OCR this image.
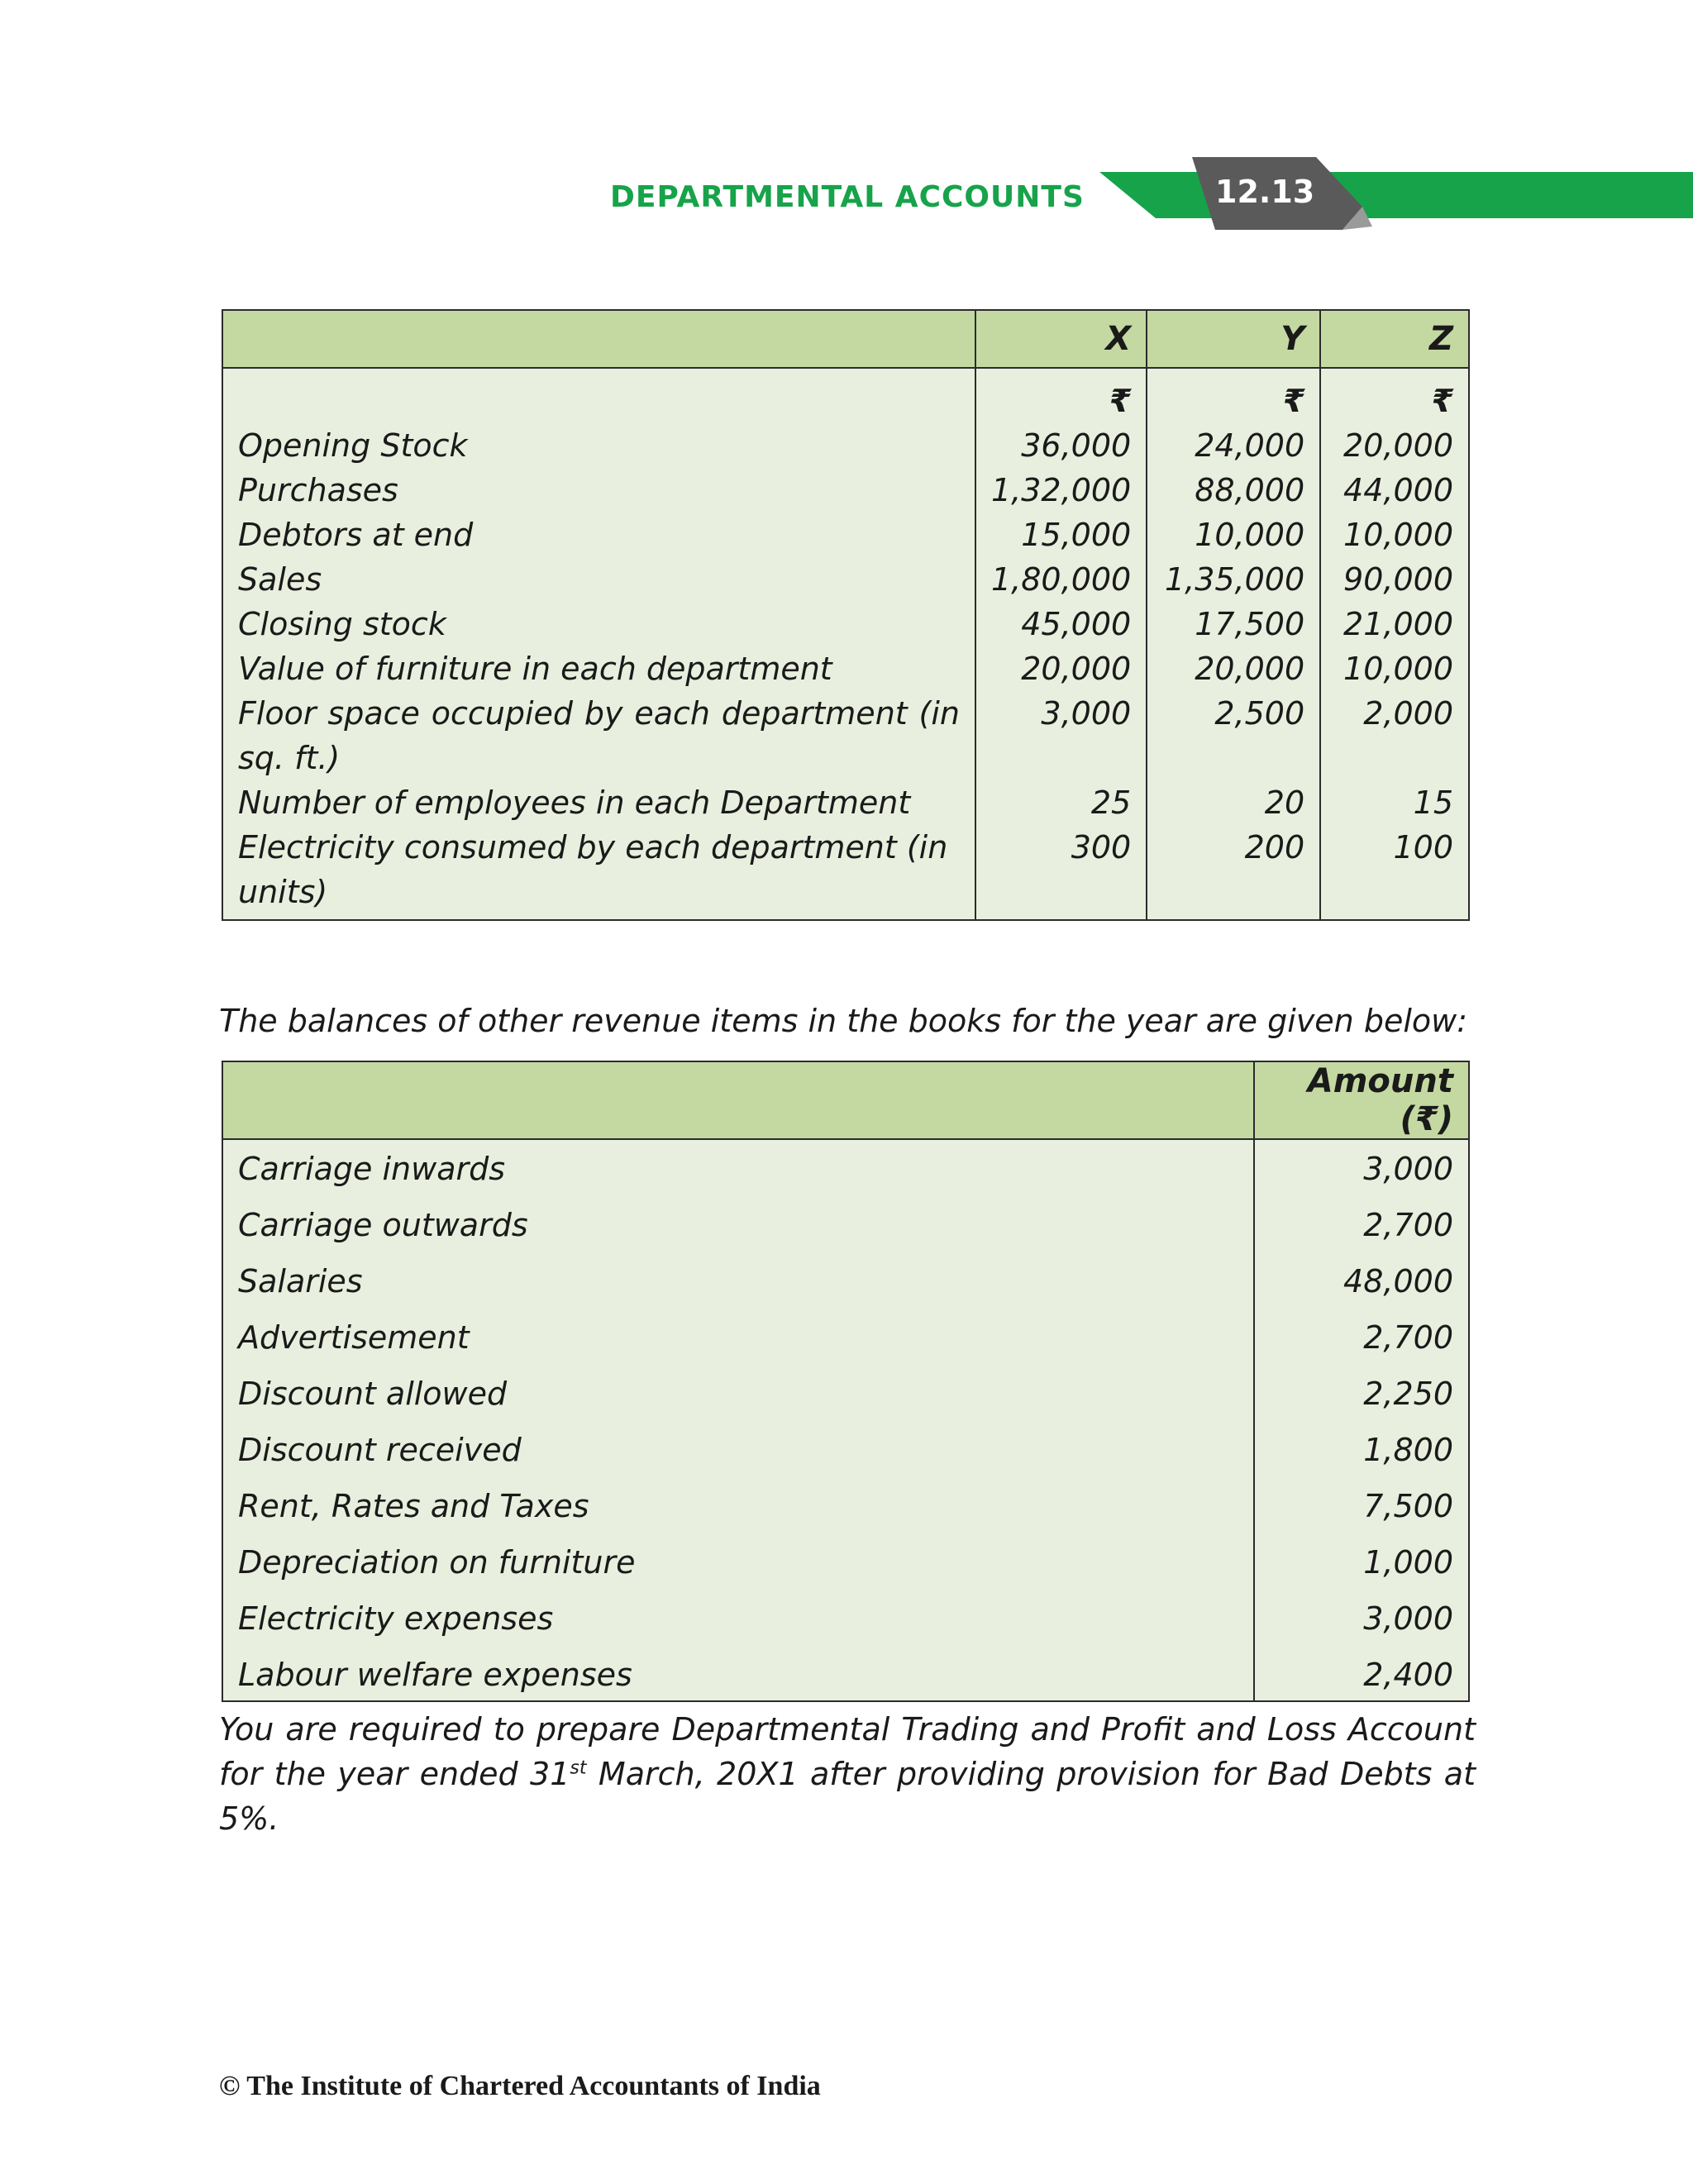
DEPARTMENTAL ACCOUNTS	12.13
	X	Y	Z
	₹	₹	₹
Opening Stock	36,000	24,000	20,000
Purchases	1,32,000	88,000	44,000
Debtors at end	15,000	10,000	10,000
Sales	1,80,000	1,35,000	90,000
Closing stock	45,000	17,500	21,000
Value of furniture in each department	20,000	20,000	10,000
Floor space occupied by each department (in sq. ft.)	3,000	2,500	2,000
Number of employees in each Department	25	20	15
Electricity consumed by each department (in units)	300	200	100
The balances of other revenue items in the books for the year are given below:
	Amount (₹)
Carriage inwards	3,000
Carriage outwards	2,700
Salaries	48,000
Advertisement	2,700
Discount allowed	2,250
Discount received	1,800
Rent, Rates and Taxes	7,500
Depreciation on furniture	1,000
Electricity expenses	3,000
Labour welfare expenses	2,400
You are required to prepare Departmental Trading and Profit and Loss Account for the year ended 31st March, 20X1 after providing provision for Bad Debts at 5%.
© The Institute of Chartered Accountants of India
